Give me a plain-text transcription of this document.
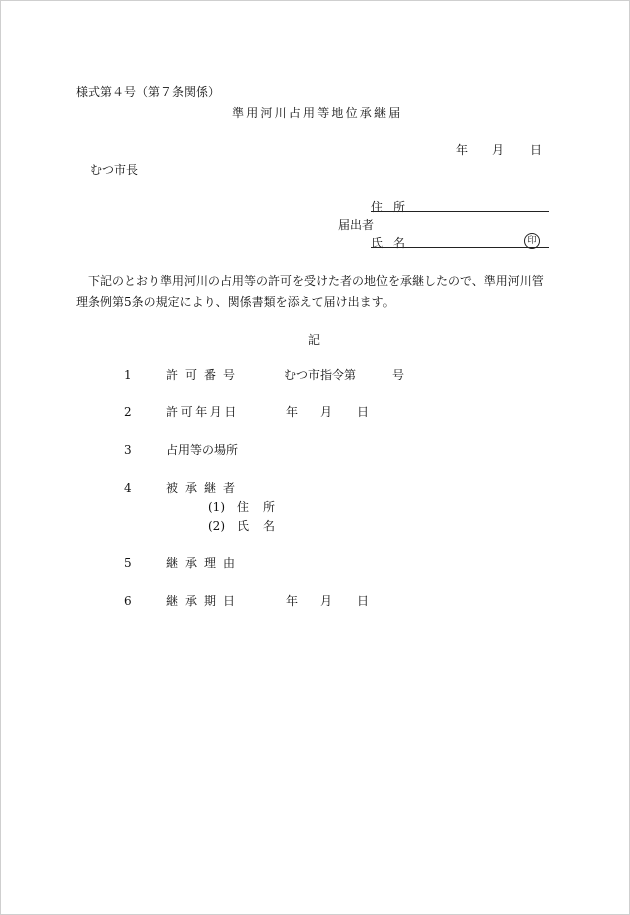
様式第４号（第７条関係）
準用河川占用等地位承継届
年 月 日
むつ市長
住所
届出者
氏名	印
下記のとおり準用河川の占用等の許可を受けた者の地位を承継したので、準用河川管理条例第5条の規定により、関係書類を添えて届け出ます。
記
1	許可番号	むつ市指令第	号
2	許可年月日	年 月 日
3	占用等の場所
4	被承継者
(1) 住所
(2) 氏名
5	継承理由
6	継承期日	年 月 日
